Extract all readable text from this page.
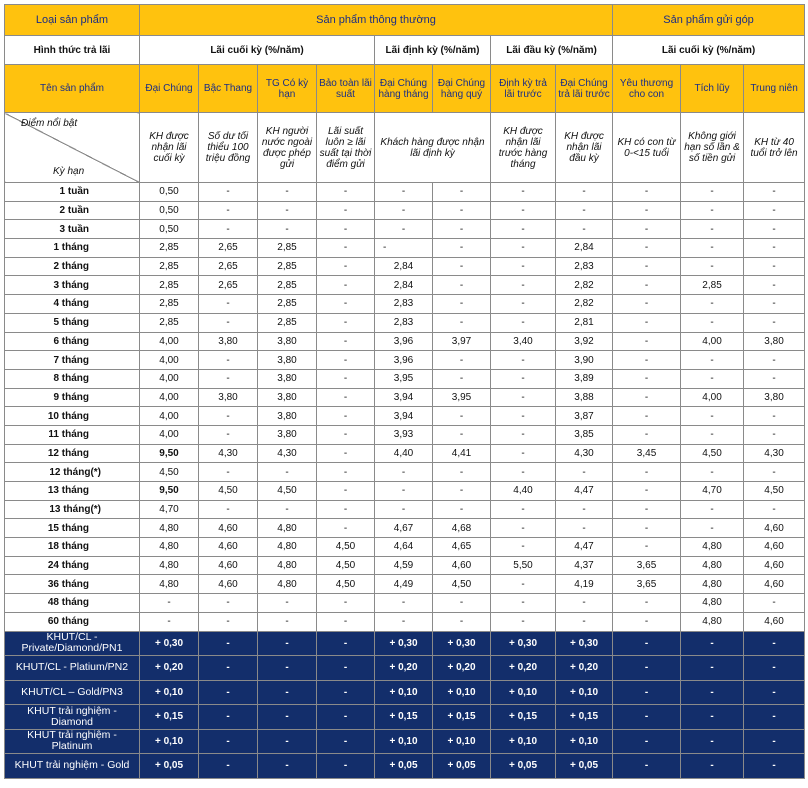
Loại sản phẩm	Sản phẩm thông thường								Sản phẩm gửi góp		
Hình thức trả lãi	Lãi cuối kỳ (%/năm)				Lãi định kỳ (%/năm)		Lãi đầu kỳ (%/năm)		Lãi cuối kỳ (%/năm)		
Tên sản phẩm	Đại Chúng	Bậc Thang	TG Có kỳ hạn	Bảo toàn lãi suất	Đại Chúng hàng tháng	Đại Chúng hàng quý	Định kỳ trả lãi trước	Đại Chúng trả lãi trước	Yêu thương cho con	Tích lũy	Trung niên

Điểm nổi bật
Kỳ hạn	KH được nhận lãi cuối kỳ	Số dư tối thiểu 100 triệu đồng	KH người nước ngoài được phép gửi	Lãi suất luôn ≥ lãi suất tại thời điểm gửi	Khách hàng được nhận lãi định kỳ		KH được nhận lãi trước hàng tháng	KH được nhận lãi đầu kỳ	KH có con từ 0-<15 tuổi	Không giới hạn số lần & số tiền gửi	KH từ 40 tuổi trở lên
1 tuần	0,50	-	-	-	-	-	-	-	-	-	-
2 tuần	0,50	-	-	-	-	-	-	-	-	-	-
3 tuần	0,50	-	-	-	-	-	-	-	-	-	-
1 tháng	2,85	2,65	2,85	-	-	-	-	2,84	-	-	-
2 tháng	2,85	2,65	2,85	-	2,84	-	-	2,83	-	-	-
3 tháng	2,85	2,65	2,85	-	2,84	-	-	2,82	-	2,85	-
4 tháng	2,85	-	2,85	-	2,83	-	-	2,82	-	-	-
5 tháng	2,85	-	2,85	-	2,83	-	-	2,81	-	-	-
6 tháng	4,00	3,80	3,80	-	3,96	3,97	3,40	3,92	-	4,00	3,80
7 tháng	4,00	-	3,80	-	3,96	-	-	3,90	-	-	-
8 tháng	4,00	-	3,80	-	3,95	-	-	3,89	-	-	-
9 tháng	4,00	3,80	3,80	-	3,94	3,95	-	3,88	-	4,00	3,80
10 tháng	4,00	-	3,80	-	3,94	-	-	3,87	-	-	-
11 tháng	4,00	-	3,80	-	3,93	-	-	3,85	-	-	-
12 tháng	9,50	4,30	4,30	-	4,40	4,41	-	4,30	3,45	4,50	4,30
12 tháng(*)	4,50	-	-	-	-	-	-	-	-	-	-
13 tháng	9,50	4,50	4,50	-	-	-	4,40	4,47	-	4,70	4,50
13 tháng(*)	4,70	-	-	-	-	-	-	-	-	-	-
15 tháng	4,80	4,60	4,80	-	4,67	4,68	-	-	-	-	4,60
18 tháng	4,80	4,60	4,80	4,50	4,64	4,65	-	4,47	-	4,80	4,60
24 tháng	4,80	4,60	4,80	4,50	4,59	4,60	5,50	4,37	3,65	4,80	4,60
36 tháng	4,80	4,60	4,80	4,50	4,49	4,50	-	4,19	3,65	4,80	4,60
48 tháng	-	-	-	-	-	-	-	-	-	4,80	-
60 tháng	-	-	-	-	-	-	-	-	-	4,80	4,60
KHUT/CL - Private/Diamond/PN1	+ 0,30	-	-	-	+ 0,30	+ 0,30	+ 0,30	+ 0,30	-	-	-
KHUT/CL - Platium/PN2	+ 0,20	-	-	-	+ 0,20	+ 0,20	+ 0,20	+ 0,20	-	-	-
KHUT/CL – Gold/PN3	+ 0,10	-	-	-	+ 0,10	+ 0,10	+ 0,10	+ 0,10	-	-	-
KHUT trải nghiệm - Diamond	+ 0,15	-	-	-	+ 0,15	+ 0,15	+ 0,15	+ 0,15	-	-	-
KHUT trải nghiệm - Platinum	+ 0,10	-	-	-	+ 0,10	+ 0,10	+ 0,10	+ 0,10	-	-	-
KHUT trải nghiệm - Gold	+ 0,05	-	-	-	+ 0,05	+ 0,05	+ 0,05	+ 0,05	-	-	-
